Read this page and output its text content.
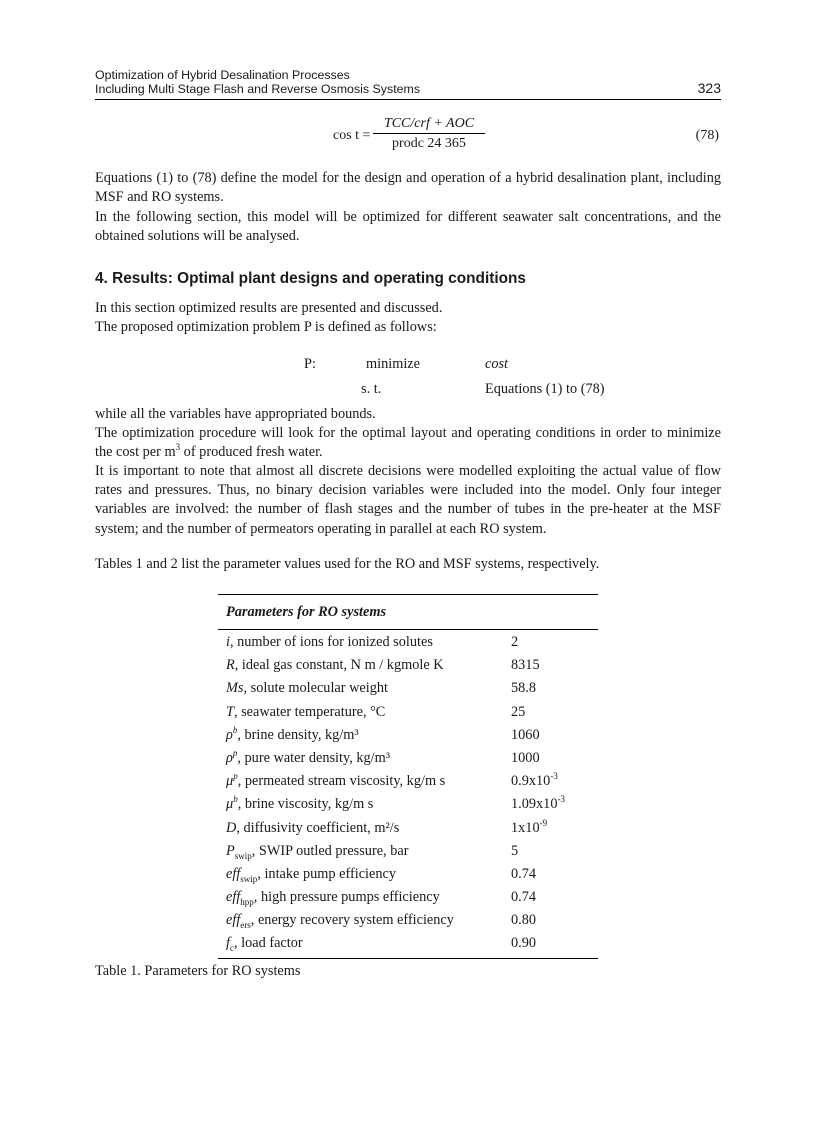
Optimization of Hybrid Desalination Processes
Including Multi Stage Flash and Reverse Osmosis Systems	323
cos t =
TCC/crf + AOC
prodc 24 365
(78)

Equations (1) to (78) define the model for the design and operation of a hybrid desalination plant, including MSF and RO systems.

In the following section, this model will be optimized for different seawater salt concentrations, and the obtained solutions will be analysed.

4. Results: Optimal plant designs and operating conditions

In this section optimized results are presented and discussed.

The proposed optimization problem P is defined as follows:

P:	minimize	cost
s. t.	Equations (1) to (78)

while all the variables have appropriated bounds.

The optimization procedure will look for the optimal layout and operating conditions in order to minimize the cost per $m^3$ of produced fresh water.

It is important to note that almost all discrete decisions were modelled exploiting the actual value of flow rates and pressures. Thus, no binary decision variables were included into the model. Only four integer variables are involved: the number of flash stages and the number of tubes in the pre-heater at the MSF system; and the number of permeators operating in parallel at each RO system.

Tables 1 and 2 list the parameter values used for the RO and MSF systems, respectively.

Parameters for RO systems
i, number of ions for ionized solutes	2
R, ideal gas constant, N m / kgmole K	8315
Ms, solute molecular weight	58.8
T, seawater temperature, °C	25
$\rho^b$, brine density, kg/m³	1060
$\rho^p$, pure water density, kg/m³	1000
$\mu^p$, permeated stream viscosity, kg/m s	$0.9x10^{-3}$
$\mu^b$, brine viscosity, kg/m s	$1.09x10^{-3}$
D, diffusivity coefficient, m²/s	$1x10^{-9}$
$P_{swip}$, SWIP outled pressure, bar	5
eff$_{swip}$, intake pump efficiency	0.74
eff$_{hpp}$, high pressure pumps efficiency	0.74
eff$_{ers}$, energy recovery system efficiency	0.80
$f_c$, load factor	0.90
Table 1. Parameters for RO systems
